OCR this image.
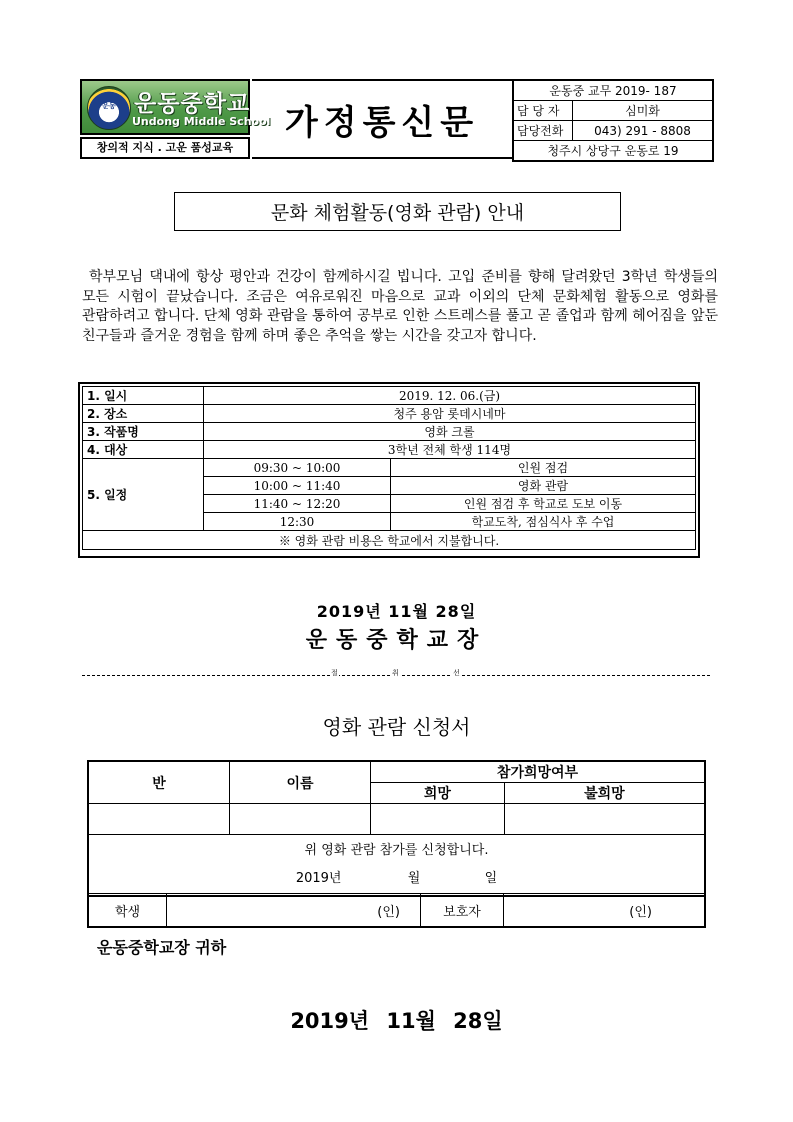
운동 운동중학교
Undong Middle School
창의적 지식 . 고운 품성교육
가정통신문
운동중 교무 2019- 187	
담 당 자	심미화
담당전화	043) 291 - 8808
청주시 상당구 운동로 19	
문화 체험활동(영화 관람) 안내
학부모님 댁내에 항상 평안과 건강이 함께하시길 빕니다. 고입 준비를 향해 달려왔던 3학년 학생들의 모든 시험이 끝났습니다. 조금은 여유로워진 마음으로 교과 이외의 단체 문화체험 활동으로 영화를 관람하려고 합니다. 단체 영화 관람을 통하여 공부로 인한 스트레스를 풀고 곧 졸업과 함께 헤어짐을 앞둔 친구들과 즐거운 경험을 함께 하며 좋은 추억을 쌓는 시간을 갖고자 합니다.
1. 일시	2019. 12. 06.(금)	
2. 장소	청주 용암 롯데시네마	
3. 작품명	영화 크롤	
4. 대상	3학년 전체 학생 114명	
5. 일정	09:30 ~ 10:00	인원 점검
	10:00 ~ 11:40	영화 관람
	11:40 ~ 12:20	인원 점검 후 학교로 도보 이동
	12:30	학교도착, 점심식사 후 수업
※ 영화 관람 비용은 학교에서 지불합니다.		
2019년 11월 28일
운동중학교장
절	취	선
영화 관람 신청서
반	이름	참가희망여부	
		희망	불희망

위 영화 관람 참가를 신청합니다.
2019년 월 일			
학생	(인)	보호자	(인)
운동중학교장 귀하
2019년 11월 28일
